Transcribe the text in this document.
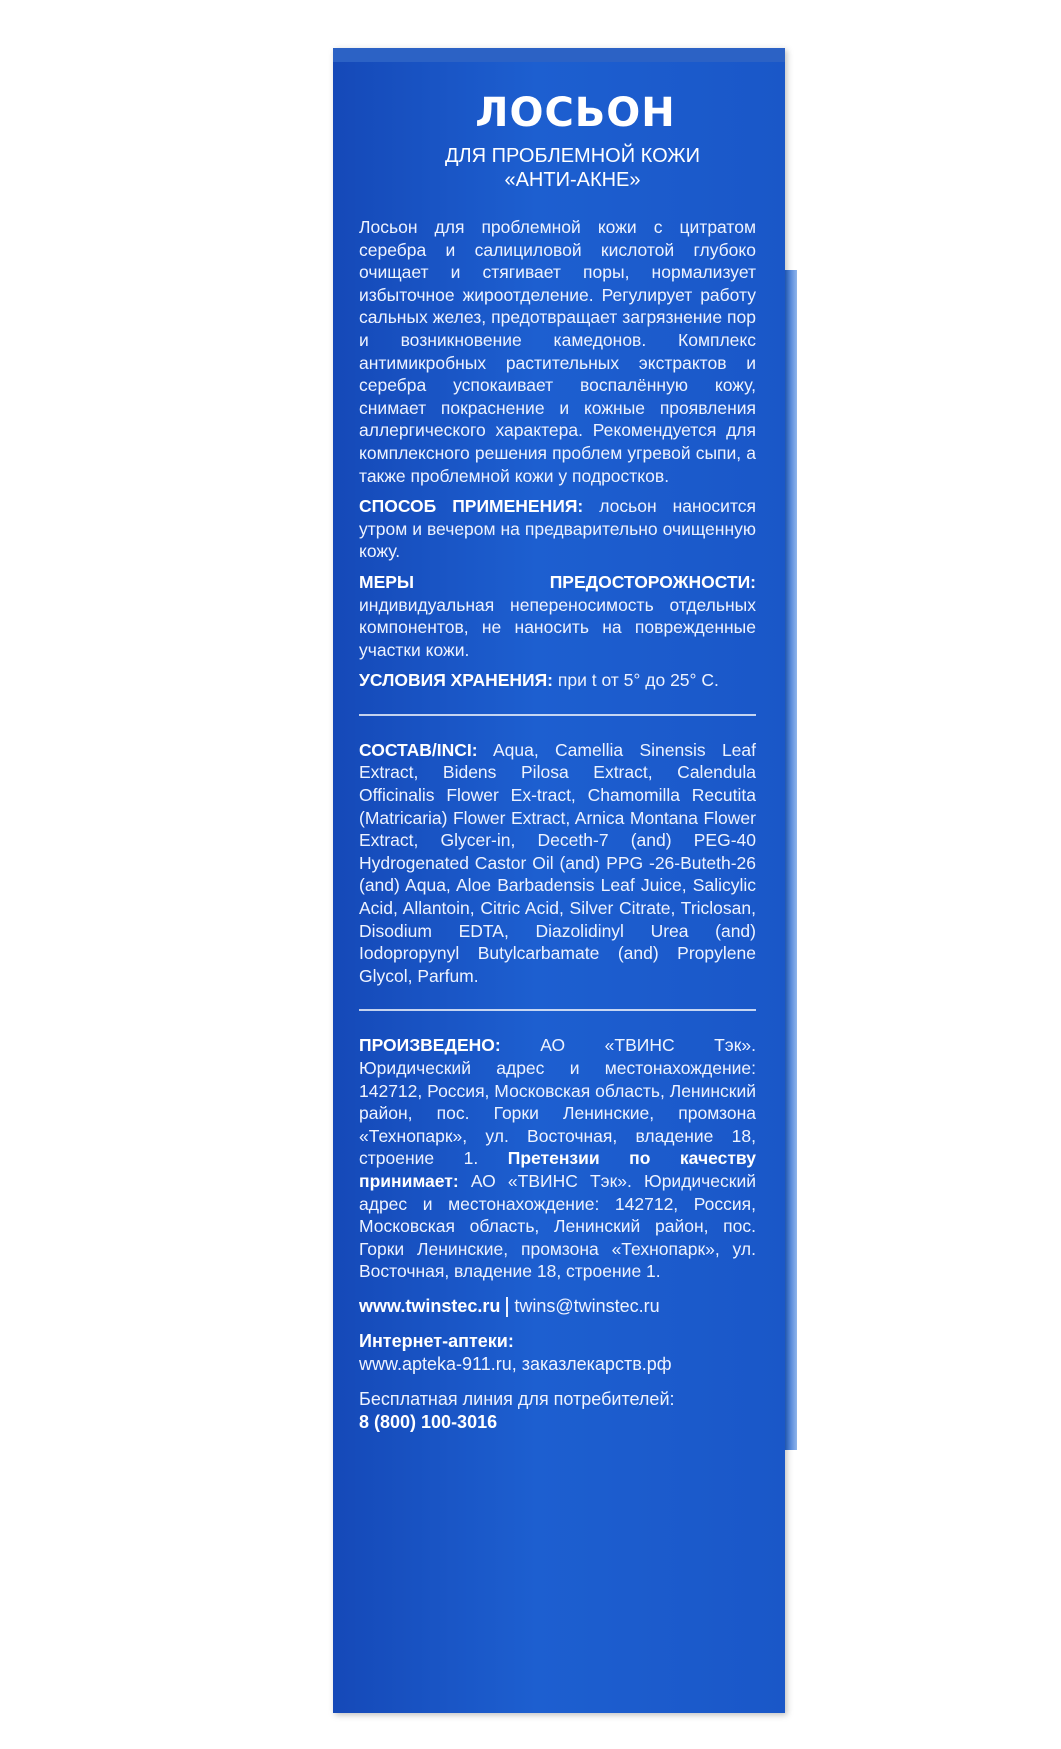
ЛОСЬОН
ДЛЯ ПРОБЛЕМНОЙ КОЖИ
«АНТИ-АКНЕ»
Лосьон для проблемной кожи с цитратом серебра и салициловой кислотой глубоко очищает и стягивает поры, нормализует избыточное жироотделение. Регулирует работу сальных желез, предотвращает загрязнение пор и возникновение камедонов. Комплекс антимикробных растительных экстрактов и серебра успокаивает воспалённую кожу, снимает покраснение и кожные проявления аллергического характера. Рекомендуется для комплексного решения проблем угревой сыпи, а также проблемной кожи у подростков.
СПОСОБ ПРИМЕНЕНИЯ: лосьон наносится утром и вечером на предварительно очищенную кожу.
МЕРЫ ПРЕДОСТОРОЖНОСТИ: индивидуальная непереносимость отдельных компонентов, не наносить на поврежденные участки кожи.
УСЛОВИЯ ХРАНЕНИЯ: при t от 5° до 25° С.
СОСТАВ/INCI: Aqua, Camellia Sinensis Leaf Extract, Bidens Pilosa Extract, Calendula Officinalis Flower Ex-tract, Chamomilla Recutita (Matricaria) Flower Extract, Arnica Montana Flower Extract, Glycer-in, Deceth-7 (and) PEG-40 Hydrogenated Castor Oil (and) PPG -26-Buteth-26 (and) Aqua, Aloe Barbadensis Leaf Juice, Salicylic Acid, Allantoin, Citric Acid, Silver Citrate, Triclosan, Disodium EDTA, Diazolidinyl Urea (and) Iodopropynyl Butylcarbamate (and) Propylene Glycol, Parfum.
ПРОИЗВЕДЕНО: АО «ТВИНС Тэк». Юридический адрес и местонахождение: 142712, Россия, Московская область, Ленинский район, пос. Горки Ленинские, промзона «Технопарк», ул. Восточная, владение 18, строение 1. Претензии по качеству принимает: АО «ТВИНС Тэк». Юридический адрес и местонахождение: 142712, Россия, Московская область, Ленинский район, пос. Горки Ленинские, промзона «Технопарк», ул. Восточная, владение 18, строение 1.
www.twinstec.ru twins@twinstec.ru
Интернет-аптеки:
www.apteka-911.ru, заказлекарств.рф
Бесплатная линия для потребителей:
8 (800) 100-3016
